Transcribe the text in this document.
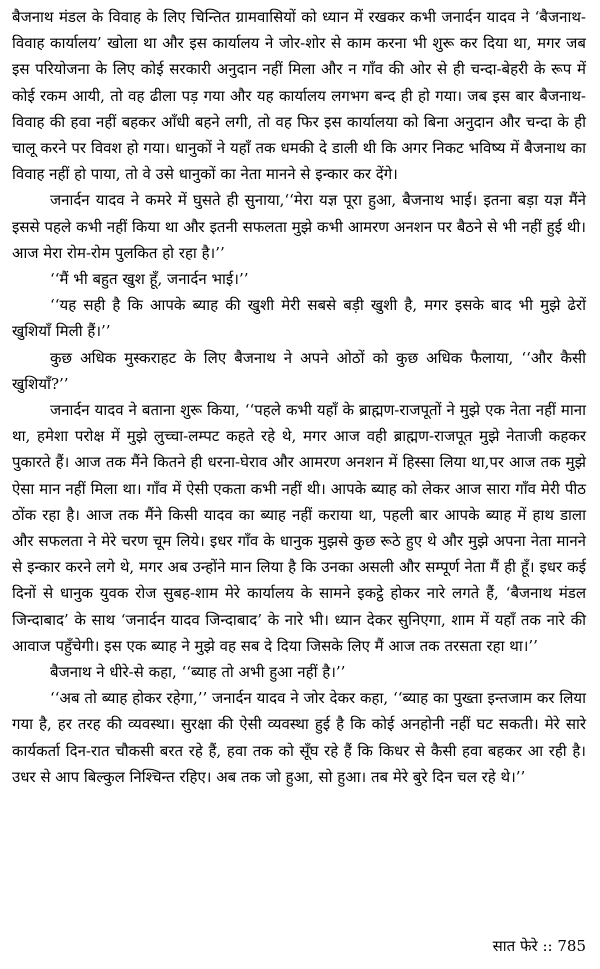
बैजनाथ मंडल के विवाह के लिए चिन्तित ग्रामवासियों को ध्यान में रखकर कभी जनार्दन यादव ने ‘बैजनाथ- विवाह कार्यालय’ खोला था और इस कार्यालय ने जोर-शोर से काम करना भी शुरू कर दिया था, मगर जब इस परियोजना के लिए कोई सरकारी अनुदान नहीं मिला और न गाँव की ओर से ही चन्दा-बेहरी के रूप में कोई रकम आयी, तो वह ढीला पड़ गया और यह कार्यालय लगभग बन्द ही हो गया। जब इस बार बैजनाथ- विवाह की हवा नहीं बहकर आँधी बहने लगी, तो वह फिर इस कार्यालया को बिना अनुदान और चन्दा के ही चालू करने पर विवश हो गया। धानुकों ने यहाँ तक धमकी दे डाली थी कि अगर निकट भविष्य में बैजनाथ का विवाह नहीं हो पाया, तो वे उसे धानुकों का नेता मानने से इन्कार कर देंगे।

जनार्दन यादव ने कमरे में घुसते ही सुनाया,‘‘मेरा यज्ञ पूरा हुआ, बैजनाथ भाई। इतना बड़ा यज्ञ मैंने इससे पहले कभी नहीं किया था और इतनी सफलता मुझे कभी आमरण अनशन पर बैठने से भी नहीं हुई थी। आज मेरा रोम-रोम पुलकित हो रहा है।’’

‘‘मैं भी बहुत खुश हूँ, जनार्दन भाई।’’

‘‘यह सही है कि आपके ब्याह की खुशी मेरी सबसे बड़ी खुशी है, मगर इसके बाद भी मुझे ढेरों खुशियाँ मिली हैं।’’

कुछ अधिक मुस्कराहट के लिए बैजनाथ ने अपने ओठों को कुछ अधिक फैलाया, ‘‘और कैसी खुशियाँ?’’

जनार्दन यादव ने बताना शुरू किया, ‘‘पहले कभी यहाँ के ब्राह्मण-राजपूतों ने मुझे एक नेता नहीं माना था, हमेशा परोक्ष में मुझे लुच्चा-लम्पट कहते रहे थे, मगर आज वही ब्राह्मण-राजपूत मुझे नेताजी कहकर पुकारते हैं। आज तक मैंने कितने ही धरना-घेराव और आमरण अनशन में हिस्सा लिया था,पर आज तक मुझे ऐसा मान नहीं मिला था। गाँव में ऐसी एकता कभी नहीं थी। आपके ब्याह को लेकर आज सारा गाँव मेरी पीठ ठोंक रहा है। आज तक मैंने किसी यादव का ब्याह नहीं कराया था, पहली बार आपके ब्याह में हाथ डाला और सफलता ने मेरे चरण चूम लिये। इधर गाँव के धानुक मुझसे कुछ रूठे हुए थे और मुझे अपना नेता मानने से इन्कार करने लगे थे, मगर अब उन्होंने मान लिया है कि उनका असली और सम्पूर्ण नेता मैं ही हूँ। इधर कई दिनों से धानुक युवक रोज सुबह-शाम मेरे कार्यालय के सामने इकट्ठे होकर नारे लगते हैं, ‘बैजनाथ मंडल जिन्दाबाद’ के साथ ‘जनार्दन यादव जिन्दाबाद’ के नारे भी। ध्यान देकर सुनिएगा, शाम में यहाँ तक नारे की आवाज पहुँचेगी। इस एक ब्याह ने मुझे वह सब दे दिया जिसके लिए मैं आज तक तरसता रहा था।’’

बैजनाथ ने धीरे-से कहा, ‘‘ब्याह तो अभी हुआ नहीं है।’’

‘‘अब तो ब्याह होकर रहेगा,’’ जनार्दन यादव ने जोर देकर कहा, ‘‘ब्याह का पुख्ता इन्तजाम कर लिया गया है, हर तरह की व्यवस्था। सुरक्षा की ऐसी व्यवस्था हुई है कि कोई अनहोनी नहीं घट सकती। मेरे सारे कार्यकर्ता दिन-रात चौकसी बरत रहे हैं, हवा तक को सूँघ रहे हैं कि किधर से कैसी हवा बहकर आ रही है। उधर से आप बिल्कुल निश्चिन्त रहिए। अब तक जो हुआ, सो हुआ। तब मेरे बुरे दिन चल रहे थे।’’

सात फेरे :: 785
